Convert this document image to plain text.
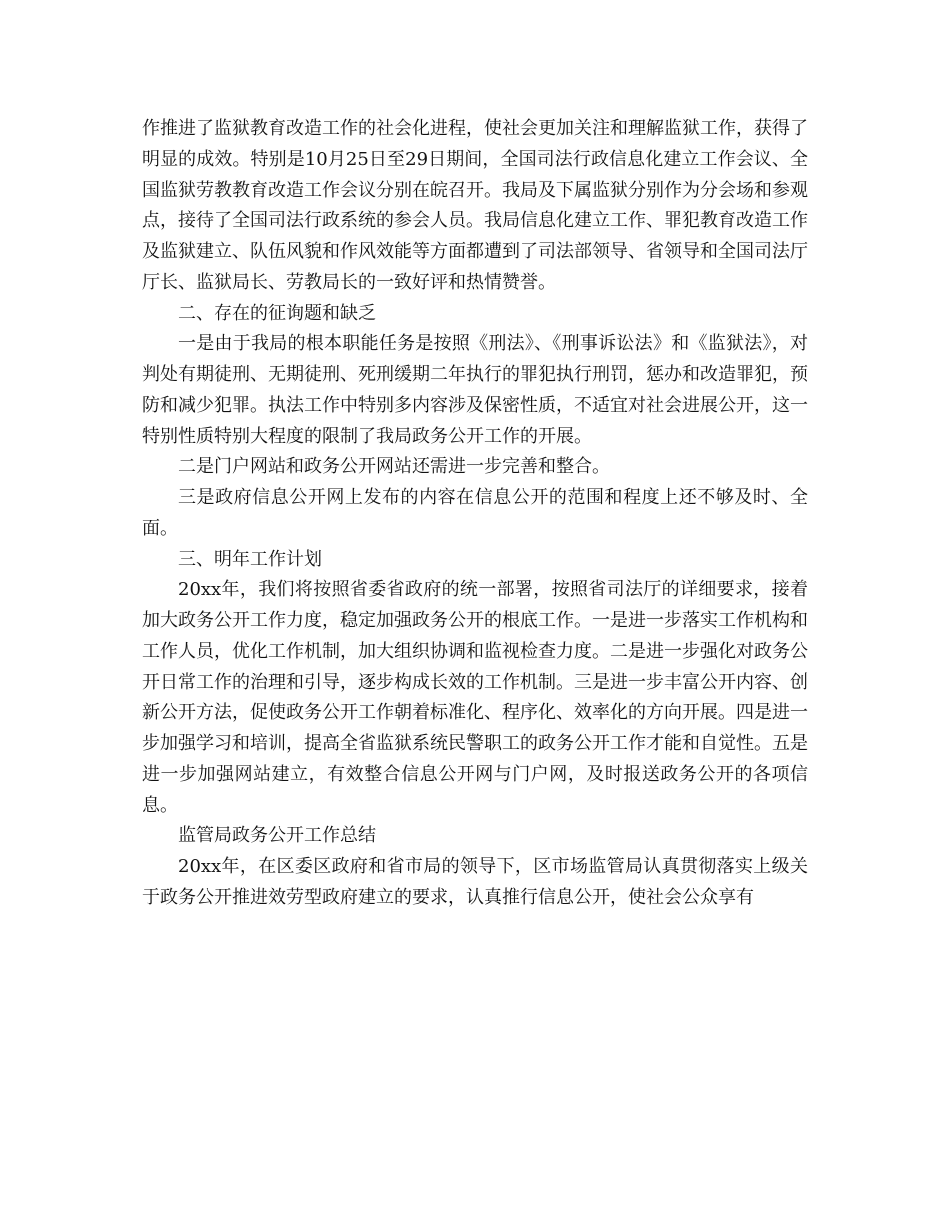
作推进了监狱教育改造工作的社会化进程，使社会更加关注和理解监狱工作，获得了明显的成效。特别是10月25日至29日期间，全国司法行政信息化建立工作会议、全国监狱劳教教育改造工作会议分别在皖召开。我局及下属监狱分别作为分会场和参观点，接待了全国司法行政系统的参会人员。我局信息化建立工作、罪犯教育改造工作及监狱建立、队伍风貌和作风效能等方面都遭到了司法部领导、省领导和全国司法厅厅长、监狱局长、劳教局长的一致好评和热情赞誉。

二、存在的征询题和缺乏

一是由于我局的根本职能任务是按照《刑法》、《刑事诉讼法》和《监狱法》，对判处有期徒刑、无期徒刑、死刑缓期二年执行的罪犯执行刑罚，惩办和改造罪犯，预防和减少犯罪。执法工作中特别多内容涉及保密性质，不适宜对社会进展公开，这一特别性质特别大程度的限制了我局政务公开工作的开展。

二是门户网站和政务公开网站还需进一步完善和整合。

三是政府信息公开网上发布的内容在信息公开的范围和程度上还不够及时、全面。

三、明年工作计划

20xx年，我们将按照省委省政府的统一部署，按照省司法厅的详细要求，接着加大政务公开工作力度，稳定加强政务公开的根底工作。一是进一步落实工作机构和工作人员，优化工作机制，加大组织协调和监视检查力度。二是进一步强化对政务公开日常工作的治理和引导，逐步构成长效的工作机制。三是进一步丰富公开内容、创新公开方法，促使政务公开工作朝着标准化、程序化、效率化的方向开展。四是进一步加强学习和培训，提高全省监狱系统民警职工的政务公开工作才能和自觉性。五是进一步加强网站建立，有效整合信息公开网与门户网，及时报送政务公开的各项信息。

监管局政务公开工作总结

20xx年，在区委区政府和省市局的领导下，区市场监管局认真贯彻落实上级关于政务公开推进效劳型政府建立的要求，认真推行信息公开，使社会公众享有
